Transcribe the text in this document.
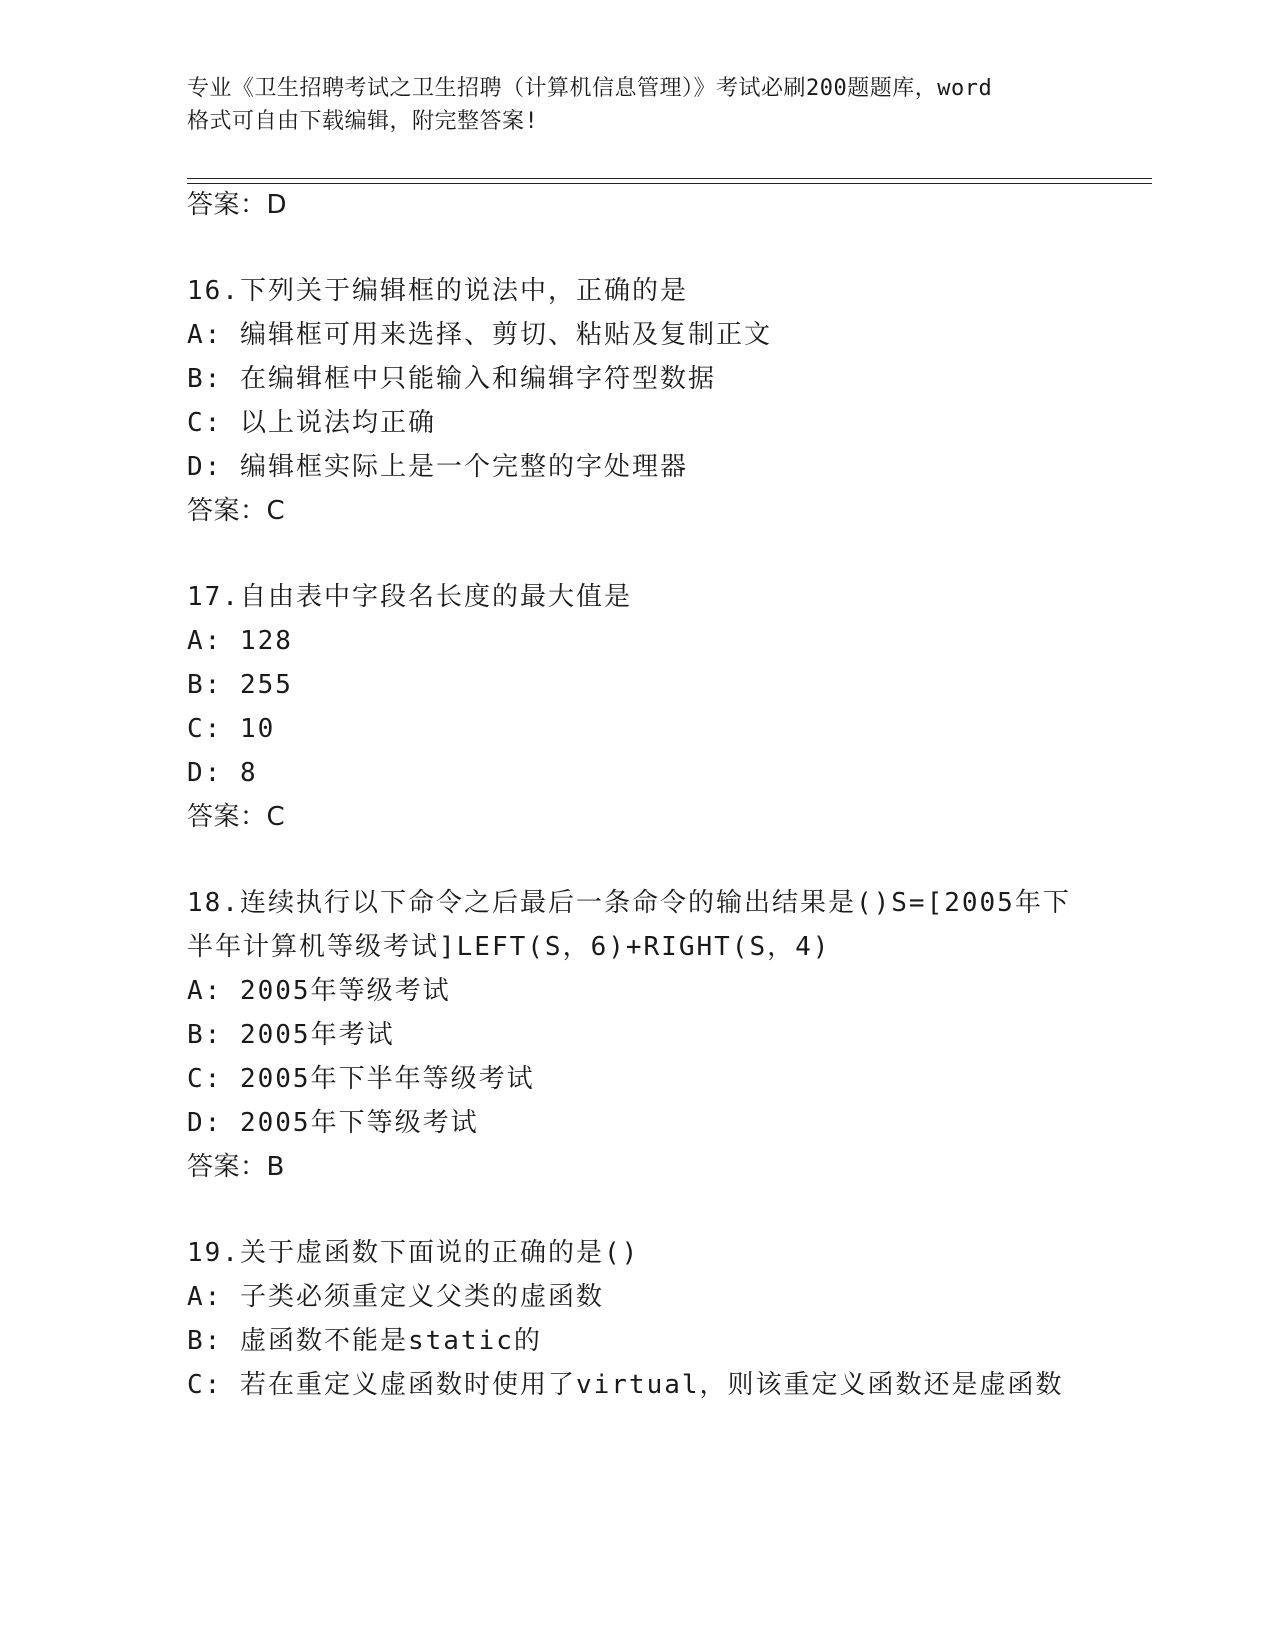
专业《卫生招聘考试之卫生招聘（计算机信息管理）》考试必刷200题题库，word
格式可自由下载编辑，附完整答案!
答案：D
16.下列关于编辑框的说法中，正确的是
A: 编辑框可用来选择、剪切、粘贴及复制正文
B: 在编辑框中只能输入和编辑字符型数据
C: 以上说法均正确
D: 编辑框实际上是一个完整的字处理器
答案：C
17.自由表中字段名长度的最大值是
A: 128
B: 255
C: 10
D: 8
答案：C
18.连续执行以下命令之后最后一条命令的输出结果是()S=[2005年下
半年计算机等级考试]LEFT(S，6)+RIGHT(S，4)
A: 2005年等级考试
B: 2005年考试
C: 2005年下半年等级考试
D: 2005年下等级考试
答案：B
19.关于虚函数下面说的正确的是()
A: 子类必须重定义父类的虚函数
B: 虚函数不能是static的
C: 若在重定义虚函数时使用了virtual，则该重定义函数还是虚函数
